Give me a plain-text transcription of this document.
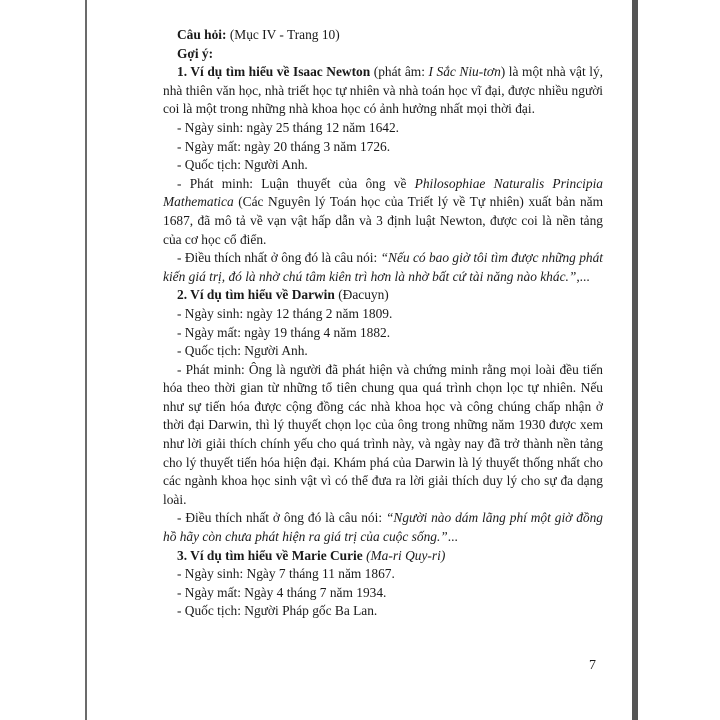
Câu hỏi: (Mục IV - Trang 10)

Gợi ý:

1. Ví dụ tìm hiểu về Isaac Newton (phát âm: I Sắc Niu-tơn) là một nhà vật lý, nhà thiên văn học, nhà triết học tự nhiên và nhà toán học vĩ đại, được nhiều người coi là một trong những nhà khoa học có ảnh hưởng nhất mọi thời đại.

- Ngày sinh: ngày 25 tháng 12 năm 1642.

- Ngày mất: ngày 20 tháng 3 năm 1726.

- Quốc tịch: Người Anh.

- Phát minh: Luận thuyết của ông về Philosophiae Naturalis Principia Mathematica (Các Nguyên lý Toán học của Triết lý về Tự nhiên) xuất bản năm 1687, đã mô tả về vạn vật hấp dẫn và 3 định luật Newton, được coi là nền tảng của cơ học cổ điển.

- Điều thích nhất ở ông đó là câu nói: “Nếu có bao giờ tôi tìm được những phát kiến giá trị, đó là nhờ chú tâm kiên trì hơn là nhờ bất cứ tài năng nào khác.”,...

2. Ví dụ tìm hiểu về Darwin (Đacuyn)

- Ngày sinh: ngày 12 tháng 2 năm 1809.

- Ngày mất: ngày 19 tháng 4 năm 1882.

- Quốc tịch: Người Anh.

- Phát minh: Ông là người đã phát hiện và chứng minh rằng mọi loài đều tiến hóa theo thời gian từ những tổ tiên chung qua quá trình chọn lọc tự nhiên. Nếu như sự tiến hóa được cộng đồng các nhà khoa học và công chúng chấp nhận ở thời đại Darwin, thì lý thuyết chọn lọc của ông trong những năm 1930 được xem như lời giải thích chính yếu cho quá trình này, và ngày nay đã trở thành nền tảng cho lý thuyết tiến hóa hiện đại. Khám phá của Darwin là lý thuyết thống nhất cho các ngành khoa học sinh vật vì có thể đưa ra lời giải thích duy lý cho sự đa dạng loài.

- Điều thích nhất ở ông đó là câu nói: “Người nào dám lãng phí một giờ đồng hồ hãy còn chưa phát hiện ra giá trị của cuộc sống.”...

3. Ví dụ tìm hiểu về Marie Curie (Ma-ri Quy-ri)

- Ngày sinh: Ngày 7 tháng 11 năm 1867.

- Ngày mất: Ngày 4 tháng 7 năm 1934.

- Quốc tịch: Người Pháp gốc Ba Lan.

7
